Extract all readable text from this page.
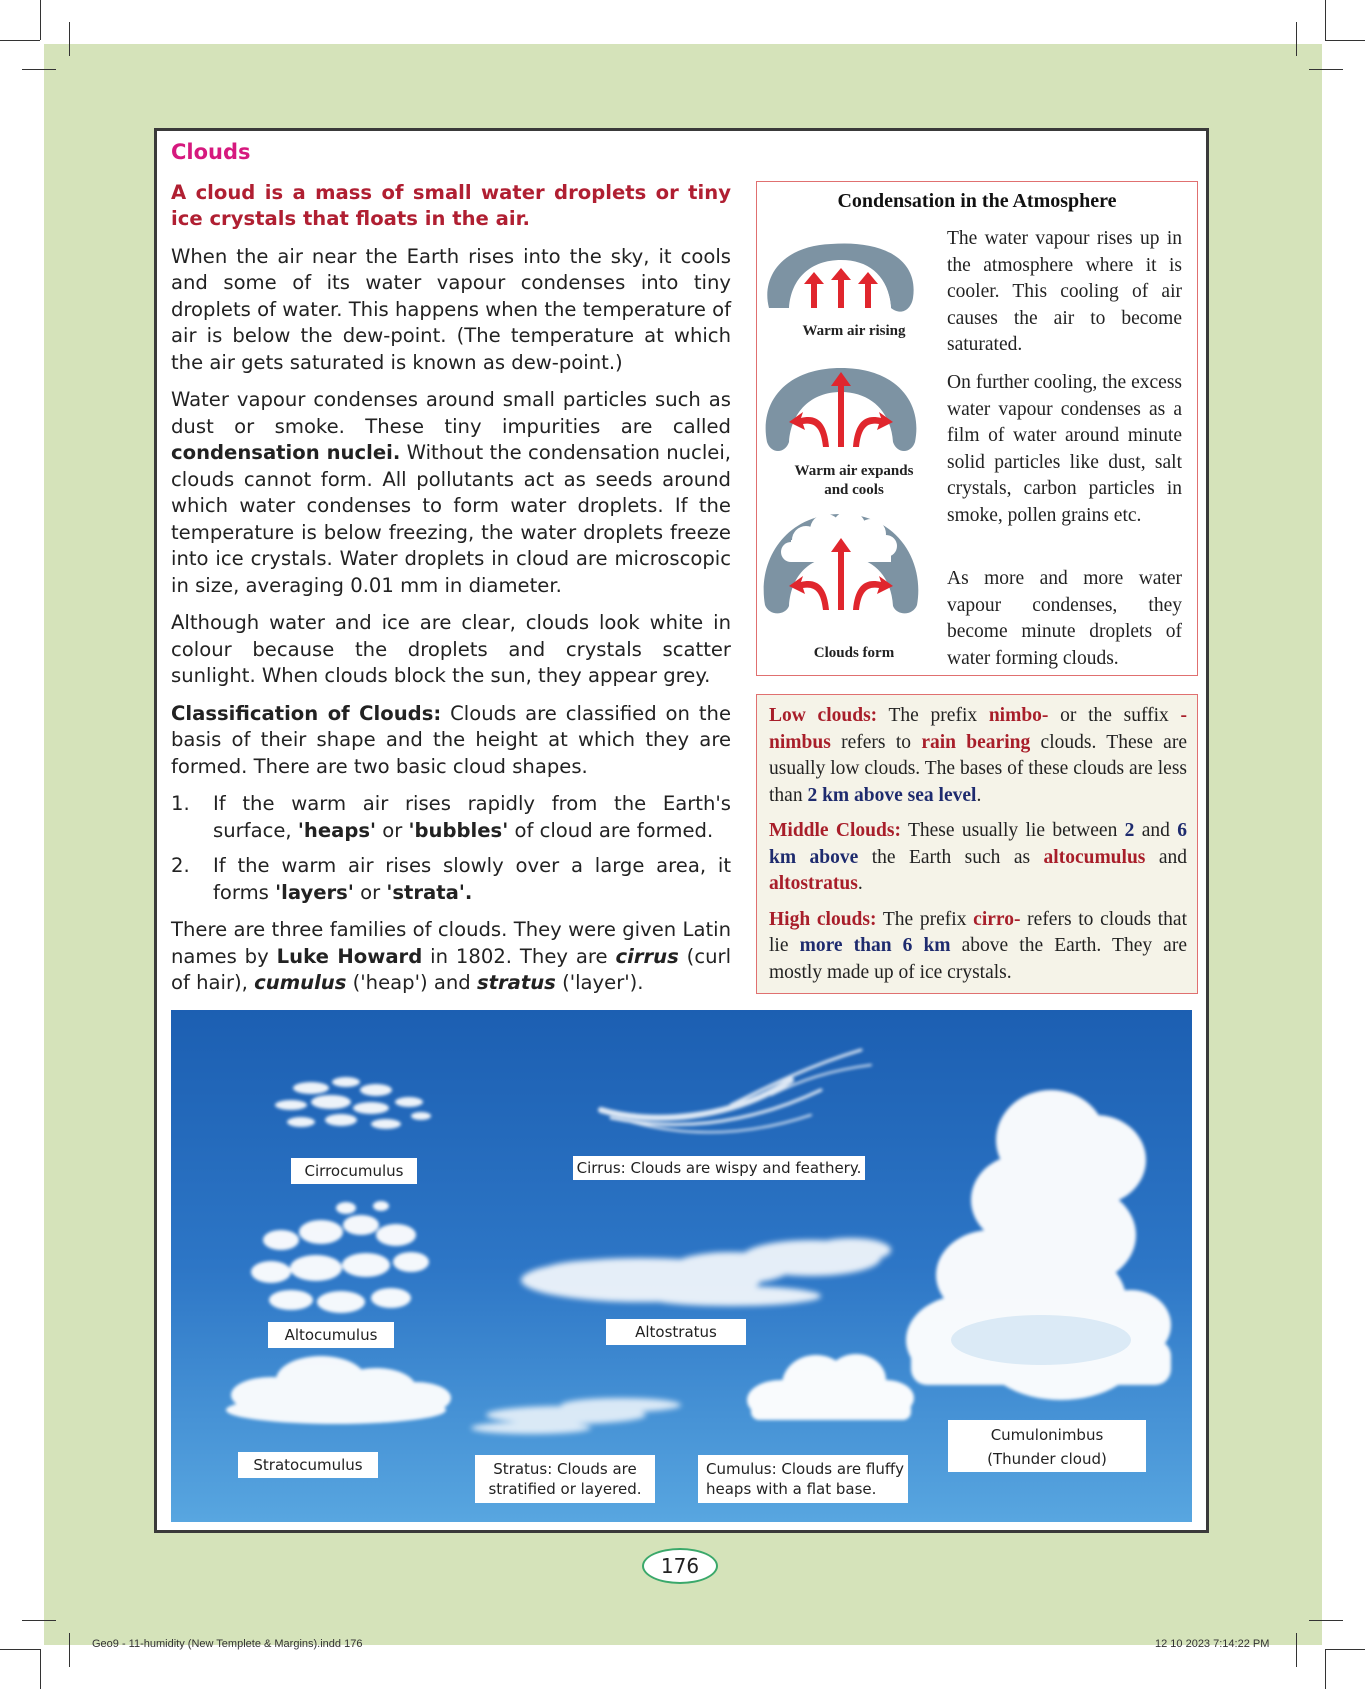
Clouds

A cloud is a mass of small water droplets or tiny ice crystals that floats in the air.

When the air near the Earth rises into the sky, it cools and some of its water vapour condenses into tiny droplets of water. This happens when the temperature of air is below the dew-point. (The temperature at which the air gets saturated is known as dew-point.)

Water vapour condenses around small particles such as dust or smoke. These tiny impurities are called condensation nuclei. Without the condensation nuclei, clouds cannot form. All pollutants act as seeds around which water condenses to form water droplets. If the temperature is below freezing, the water droplets freeze into ice crystals. Water droplets in cloud are microscopic in size, averaging 0.01 mm in diameter.

Although water and ice are clear, clouds look white in colour because the droplets and crystals scatter sunlight. When clouds block the sun, they appear grey.

Classification of Clouds: Clouds are classified on the basis of their shape and the height at which they are formed. There are two basic cloud shapes.

1. If the warm air rises rapidly from the Earth's surface, 'heaps' or 'bubbles' of cloud are formed.
2. If the warm air rises slowly over a large area, it forms 'layers' or 'strata'.

There are three families of clouds. They were given Latin names by Luke Howard in 1802. They are cirrus (curl of hair), cumulus ('heap') and stratus ('layer').

Condensation in the Atmosphere
Warm air rising
Warm air expands
and cools
Clouds form

The water vapour rises up in the atmosphere where it is cooler. This cooling of air causes the air to become saturated.

On further cooling, the excess water vapour condenses as a film of water around minute solid particles like dust, salt crystals, carbon particles in smoke, pollen grains etc.

As more and more water vapour condenses, they become minute droplets of water forming clouds.

Low clouds: The prefix nimbo- or the suffix -nimbus refers to rain bearing clouds. These are usually low clouds. The bases of these clouds are less than 2 km above sea level.

Middle Clouds: These usually lie between 2 and 6 km above the Earth such as altocumulus and altostratus.

High clouds: The prefix cirro- refers to clouds that lie more than 6 km above the Earth. They are mostly made up of ice crystals.

Cirrocumulus	Cirrus: Clouds are wispy and feathery.
Altocumulus	Altostratus
Stratocumulus	Stratus: Clouds are
stratified or layered.
Cumulus: Clouds are fluffy
heaps with a flat base.
Cumulonimbus
(Thunder cloud)
176
Geo9 - 11-humidity (New Templete & Margins).indd 176	12 10 2023 7:14:22 PM
